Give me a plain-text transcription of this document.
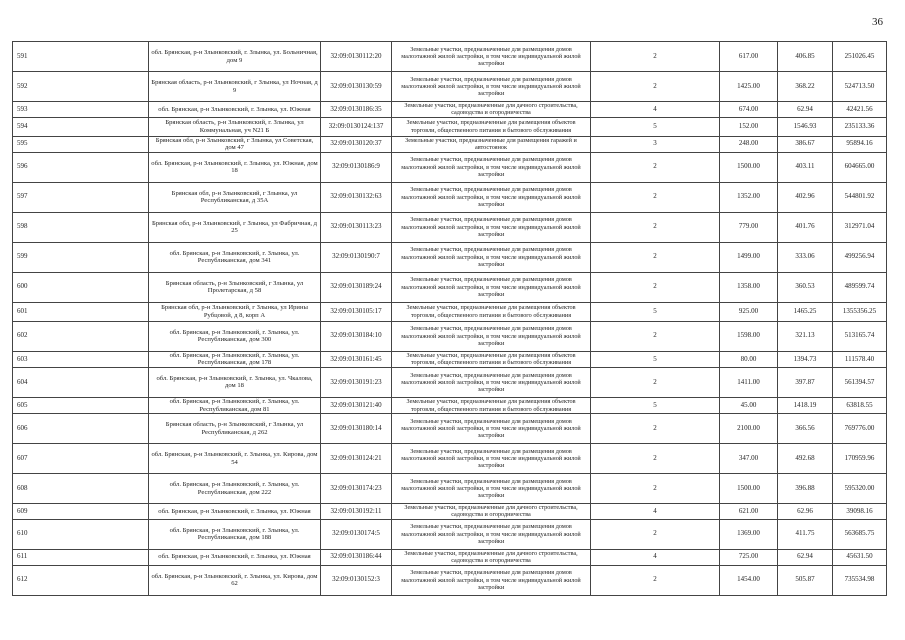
36
591	обл. Брянская, р-н Злынковский, г. Злынка, ул. Больничная, дом 9	32:09:0130112:20	Земельные участки, предназначенные для размещения домов малоэтажной жилой застройки, в том числе индивидуальной жилой застройки	2	617.00	406.85	251026.45
592	Брянская область, р-н Злынковский, г Злынка, ул Ночная, д 9	32:09:0130130:59	Земельные участки, предназначенные для размещения домов малоэтажной жилой застройки, в том числе индивидуальной жилой застройки	2	1425.00	368.22	524713.50
593	обл. Брянская, р-н Злынковский, г. Злынка, ул. Южная	32:09:0130186:35	Земельные участки, предназначенные для дачного строительства, садоводства и огородничества	4	674.00	62.94	42421.56
594	Брянская область, р-н Злынковский, г. Злынка, ул Коммунальная, уч N21 Б	32:09:0130124:137	Земельные участки, предназначенные для размещения объектов торговли, общественного питания и бытового обслуживания	5	152.00	1546.93	235133.36
595	Брянская обл, р-н Злынковский, г Злынка, ул Советская, дом 47	32:09:0130120:37	Земельные участки, предназначенные для размещения гаражей и автостоянок	3	248.00	386.67	95894.16
596	обл. Брянская, р-н Злынковский, г. Злынка, ул. Южная, дом 18	32:09:0130186:9	Земельные участки, предназначенные для размещения домов малоэтажной жилой застройки, в том числе индивидуальной жилой застройки	2	1500.00	403.11	604665.00
597	Брянская обл, р-н Злынковский, г Злынка, ул Республиканская, д 35А	32:09:0130132:63	Земельные участки, предназначенные для размещения домов малоэтажной жилой застройки, в том числе индивидуальной жилой застройки	2	1352.00	402.96	544801.92
598	Брянская обл, р-н Злынковский, г Злынка, ул Фабричная, д 25	32:09:0130113:23	Земельные участки, предназначенные для размещения домов малоэтажной жилой застройки, в том числе индивидуальной жилой застройки	2	779.00	401.76	312971.04
599	обл. Брянская, р-н Злынковский, г. Злынка, ул. Республиканская, дом 341	32:09:0130190:7	Земельные участки, предназначенные для размещения домов малоэтажной жилой застройки, в том числе индивидуальной жилой застройки	2	1499.00	333.06	499256.94
600	Брянская область, р-н Злынковский, г Злынка, ул Пролетарская, д 58	32:09:0130189:24	Земельные участки, предназначенные для размещения домов малоэтажной жилой застройки, в том числе индивидуальной жилой застройки	2	1358.00	360.53	489599.74
601	Брянская обл, р-н Злынковский, г Злынка, ул Ирины Рубцовой, д 8, корп А	32:09:0130105:17	Земельные участки, предназначенные для размещения объектов торговли, общественного питания и бытового обслуживания	5	925.00	1465.25	1355356.25
602	обл. Брянская, р-н Злынковский, г. Злынка, ул. Республиканская, дом 300	32:09:0130184:10	Земельные участки, предназначенные для размещения домов малоэтажной жилой застройки, в том числе индивидуальной жилой застройки	2	1598.00	321.13	513165.74
603	обл. Брянская, р-н Злынковский, г. Злынка, ул. Республиканская, дом 178	32:09:0130161:45	Земельные участки, предназначенные для размещения объектов торговли, общественного питания и бытового обслуживания	5	80.00	1394.73	111578.40
604	обл. Брянская, р-н Злынковский, г. Злынка, ул. Чкалова, дом 18	32:09:0130191:23	Земельные участки, предназначенные для размещения домов малоэтажной жилой застройки, в том числе индивидуальной жилой застройки	2	1411.00	397.87	561394.57
605	обл. Брянская, р-н Злынковский, г. Злынка, ул. Республиканская, дом 81	32:09:0130121:40	Земельные участки, предназначенные для размещения объектов торговли, общественного питания и бытового обслуживания	5	45.00	1418.19	63818.55
606	Брянская область, р-н Злынковский, г Злынка, ул Республиканская, д 262	32:09:0130180:14	Земельные участки, предназначенные для размещения домов малоэтажной жилой застройки, в том числе индивидуальной жилой застройки	2	2100.00	366.56	769776.00
607	обл. Брянская, р-н Злынковский, г. Злынка, ул. Кирова, дом 54	32:09:0130124:21	Земельные участки, предназначенные для размещения домов малоэтажной жилой застройки, в том числе индивидуальной жилой застройки	2	347.00	492.68	170959.96
608	обл. Брянская, р-н Злынковский, г. Злынка, ул. Республиканская, дом 222	32:09:0130174:23	Земельные участки, предназначенные для размещения домов малоэтажной жилой застройки, в том числе индивидуальной жилой застройки	2	1500.00	396.88	595320.00
609	обл. Брянская, р-н Злынковский, г. Злынка, ул. Южная	32:09:0130192:11	Земельные участки, предназначенные для дачного строительства, садоводства и огородничества	4	621.00	62.96	39098.16
610	обл. Брянская, р-н Злынковский, г. Злынка, ул. Республиканская, дом 188	32:09:0130174:5	Земельные участки, предназначенные для размещения домов малоэтажной жилой застройки, в том числе индивидуальной жилой застройки	2	1369.00	411.75	563685.75
611	обл. Брянская, р-н Злынковский, г. Злынка, ул. Южная	32:09:0130186:44	Земельные участки, предназначенные для дачного строительства, садоводства и огородничества	4	725.00	62.94	45631.50
612	обл. Брянская, р-н Злынковский, г. Злынка, ул. Кирова, дом 62	32:09:0130152:3	Земельные участки, предназначенные для размещения домов малоэтажной жилой застройки, в том числе индивидуальной жилой застройки	2	1454.00	505.87	735534.98
